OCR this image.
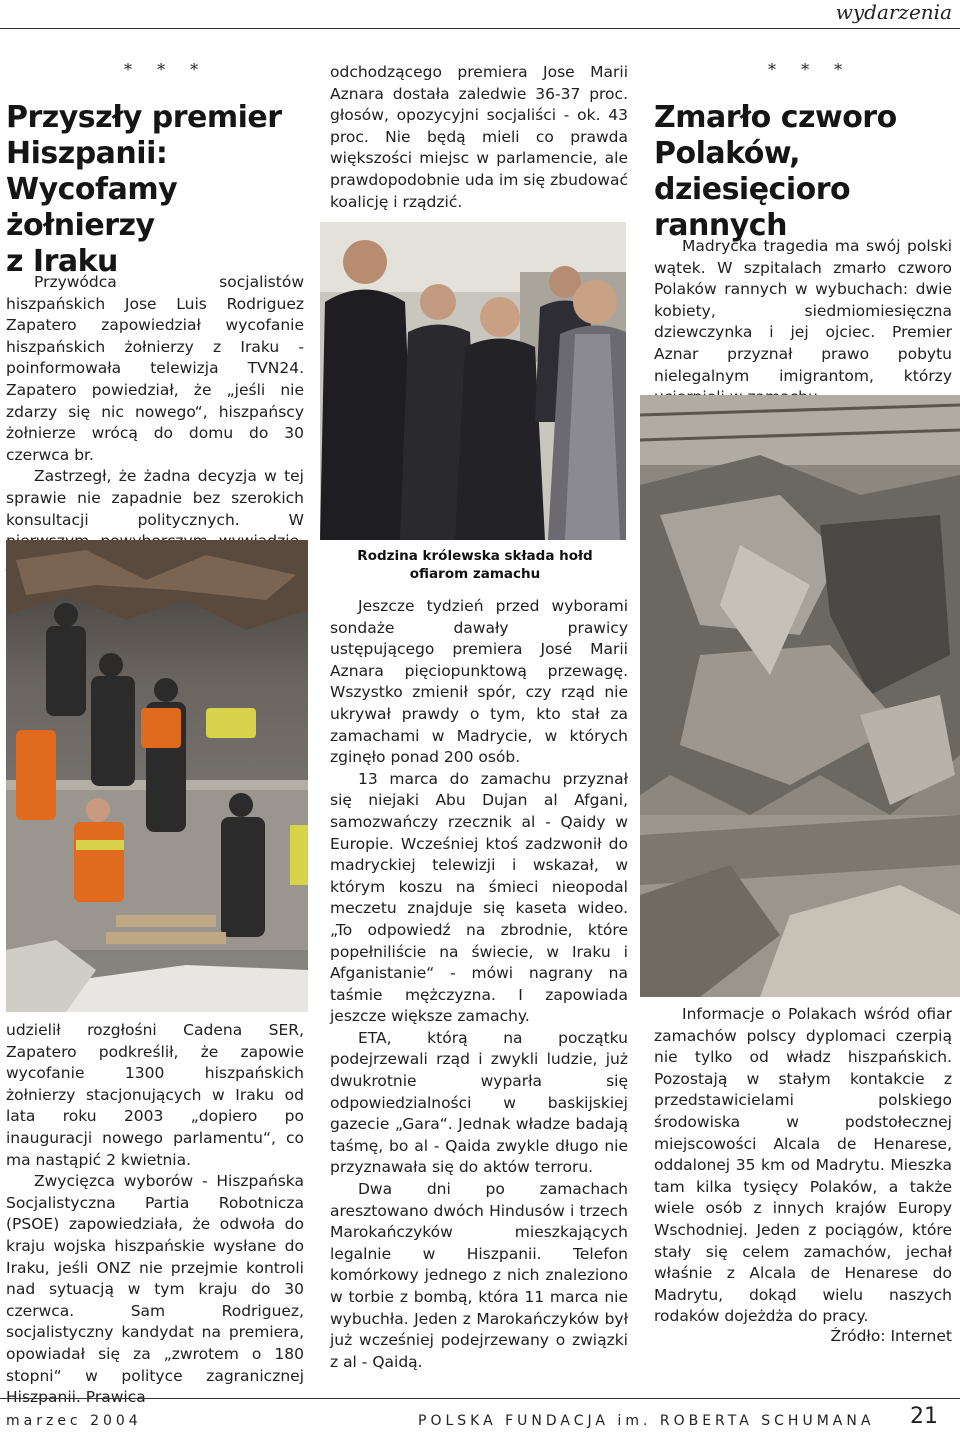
wydarzenia
* * *
Przyszły premier
Hiszpanii:
Wycofamy żołnierzy
z Iraku

Przywódca socjalistów hiszpańskich Jose Luis Rodriguez Zapatero zapowiedział wycofanie hiszpańskich żołnierzy z Iraku - poinformowała telewizja TVN24. Zapatero powiedział, że „jeśli nie zdarzy się nic nowego“, hiszpańscy żołnierze wrócą do domu do 30 czerwca br.

Zastrzegł, że żadna decyzja w tej sprawie nie zapadnie bez szerokich konsultacji politycznych. W

udzielił rozgłośni Cadena SER, Zapatero podkreślił, że zapowie wycofanie 1300 hiszpańskich żołnierzy stacjonujących w Iraku od lata roku 2003 „dopiero po inauguracji nowego parlamentu“, co ma nastąpić 2 kwietnia.

Zwycięzca wyborów - Hiszpańska Socjalistyczna Partia Robotnicza (PSOE) zapowiedziała, że odwoła do kraju wojska hiszpańskie wysłane do Iraku, jeśli ONZ nie przejmie kontroli nad sytuacją w tym kraju do 30 czerwca. Sam Rodriguez, socjalistyczny kandydat na premiera, opowiadał się za „zwrotem o 180 stopni“ w polityce zagranicznej Hiszpanii. Prawica

odchodzącego premiera Jose Marii Aznara dostała zaledwie 36-37 proc. głosów, opozycyjni socjaliści - ok. 43 proc. Nie będą mieli co prawda większości miejsc w parlamencie, ale prawdopodobnie uda im się zbudować koalicję i rządzić.

Rodzina królewska składa hołd ofiarom zamachu

Jeszcze tydzień przed wyborami sondaże dawały prawicy ustępującego premiera José Marii Aznara pięciopunktową przewagę. Wszystko zmienił spór, czy rząd nie ukrywał prawdy o tym, kto stał za zamachami w Madrycie, w których zginęło ponad 200 osób.

13 marca do zamachu przyznał się niejaki Abu Dujan al Afgani, samozwańczy rzecznik al - Qaidy w Europie. Wcześniej ktoś zadzwonił do madryckiej telewizji i wskazał, w którym koszu na śmieci nieopodal meczetu znajduje się kaseta wideo. „To odpowiedź na zbrodnie, które popełniliście na świecie, w Iraku i Afganistanie“ - mówi nagrany na taśmie mężczyzna. I zapowiada jeszcze większe zamachy.

ETA, którą na początku podejrzewali rząd i zwykli ludzie, już dwukrotnie wyparła się odpowiedzialności w baskijskiej gazecie „Gara“. Jednak władze badają taśmę, bo al - Qaida zwykle długo nie przyznawała się do aktów terroru.

Dwa dni po zamachach aresztowano dwóch Hindusów i trzech Marokańczyków mieszkających legalnie w Hiszpanii. Telefon komórkowy jednego z nich znaleziono w torbie z bombą, która 11 marca nie wybuchła. Jeden z Marokańczyków był już wcześniej podejrzewany o związki z al - Qaidą.

* * *
Zmarło czworo
Polaków,
dziesięcioro rannych

Madrycka tragedia ma swój polski wątek. W szpitalach zmarło czworo Polaków rannych w wybuchach: dwie kobiety, siedmiomiesięczna dziewczynka i jej ojciec. Premier Aznar przyznał prawo pobytu nielegalnym imigrantom, którzy

Informacje o Polakach wśród ofiar zamachów polscy dyplomaci czerpią nie tylko od władz hiszpańskich. Pozostają w stałym kontakcie z przedstawicielami polskiego środowiska w podstołecznej miejscowości Alcala de Henarese, oddalonej 35 km od Madrytu. Mieszka tam kilka tysięcy Polaków, a także wiele osób z innych krajów Europy Wschodniej. Jeden z pociągów, które stały się celem zamachów, jechał właśnie z Alcala de Henarese do Madrytu, dokąd wielu naszych rodaków dojeżdża do pracy.

Źródło: Internet
marzec 2004	POLSKA FUNDACJA im. ROBERTA SCHUMANA 21
